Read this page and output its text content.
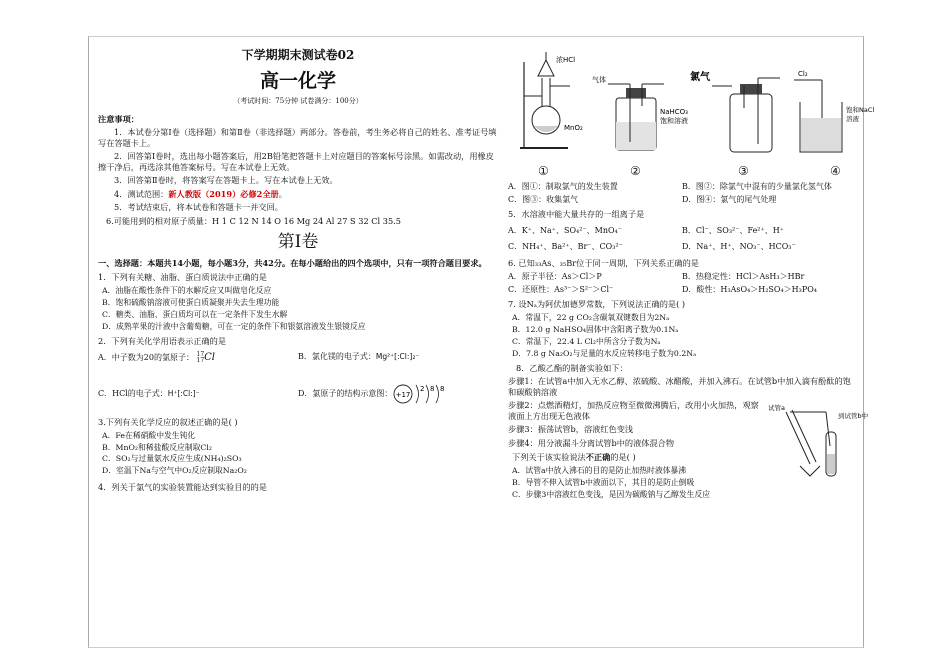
下学期期末测试卷02
高一化学
（考试时间：75分钟 试卷满分：100分）
注意事项：
1．本试卷分第Ⅰ卷（选择题）和第Ⅱ卷（非选择题）两部分。答卷前，考生务必将自己的姓名、准考证号填写在答题卡上。
2．回答第Ⅰ卷时，选出每小题答案后，用2B铅笔把答题卡上对应题目的答案标号涂黑。如需改动，用橡皮擦干净后，再选涂其他答案标号。写在本试卷上无效。
3．回答第Ⅱ卷时，将答案写在答题卡上。写在本试卷上无效。
4．测试范围：新人教版（2019）必修2全册。
5．考试结束后，将本试卷和答题卡一并交回。
6.可能用到的相对原子质量：H 1 C 12 N 14 O 16 Mg 24 Al 27 S 32 Cl 35.5
第Ⅰ卷
一、选择题：本题共14小题，每小题3分，共42分。在每小题给出的四个选项中，只有一项符合题目要求。
1．下列有关糖、油脂、蛋白质说法中正确的是
A．油脂在酸性条件下的水解反应又叫做皂化反应
B．饱和硫酸钠溶液可使蛋白质凝聚并失去生理功能
C．糖类、油脂、蛋白质均可以在一定条件下发生水解
D．成熟苹果的汁液中含葡萄糖，可在一定的条件下和银氨溶液发生银镜反应
2．下列有关化学用语表示正确的是
A．中子数为20的氯原子： 17
17Cl	B．氯化镁的电子式：Mg²⁺[:Cl:]₂⁻
C．HCl的电子式：H⁺[:Cl:]⁻	D．氯原子的结构示意图： +17
2 8 8
3.下列有关化学反应的叙述正确的是( )
A．Fe在稀硝酸中发生钝化
B．MnO₂和稀盐酸反应制取Cl₂
C．SO₂与过量氨水反应生成(NH₄)₂SO₃
D．室温下Na与空气中O₂反应制取Na₂O₂
4．列关于氯气的实验装置能达到实验目的的是
浓HCl
MnO₂
气体
NaHCO₃
饱和溶液
氯气	Cl₂
饱和NaCl
溶液
①	②	③	④
A．图①：制取氯气的发生装置	B．图②：除氯气中混有的少量氯化氢气体
C．图③：收集氯气	D．图④：氯气的尾气处理
5．水溶液中能大量共存的一组离子是
A．K⁺、Na⁺、SO₄²⁻、MnO₄⁻	B．Cl⁻、SO₃²⁻、Fe²⁺、H⁺
C．NH₄⁺、Ba²⁺、Br⁻、CO₃²⁻	D．Na⁺、H⁺、NO₃⁻、HCO₃⁻
6. 已知₃₃As、₃₅Br位于同一周期，下列关系正确的是
A．原子半径：As＞Cl＞P	B．热稳定性：HCl＞AsH₃＞HBr
C．还原性：As³⁻＞S²⁻＞Cl⁻	D．酸性：H₃AsO₄＞H₂SO₄＞H₃PO₄
7. 设Nₐ为阿伏加德罗常数，下列说法正确的是( )
A．常温下，22 g CO₂含碳氧双键数目为2Nₐ
B．12.0 g NaHSO₄固体中含阳离子数为0.1Nₐ
C．常温下，22.4 L Cl₂中所含分子数为Nₐ
D．7.8 g Na₂O₂与足量的水反应转移电子数为0.2Nₐ
8．乙酸乙酯的制备实验如下：
步骤1：在试管a中加入无水乙醇、浓硫酸、冰醋酸，并加入沸石。在试管b中加入滴有酚酞的饱和碳酸钠溶液
步骤2：点燃酒精灯，加热反应物至微微沸腾后，改用小火加热，观察液面上方出现无色液体
步骤3：振荡试管b，溶液红色变浅
步骤4：用分液漏斗分离试管b中的液体混合物
试管a
到试管b中
下列关于该实验说法不正确的是( )
A．试管a中放入沸石的目的是防止加热时液体暴沸
B．导管不伸入试管b中液面以下，其目的是防止倒吸
C．步骤3中溶液红色变浅，是因为碳酸钠与乙醇发生反应
